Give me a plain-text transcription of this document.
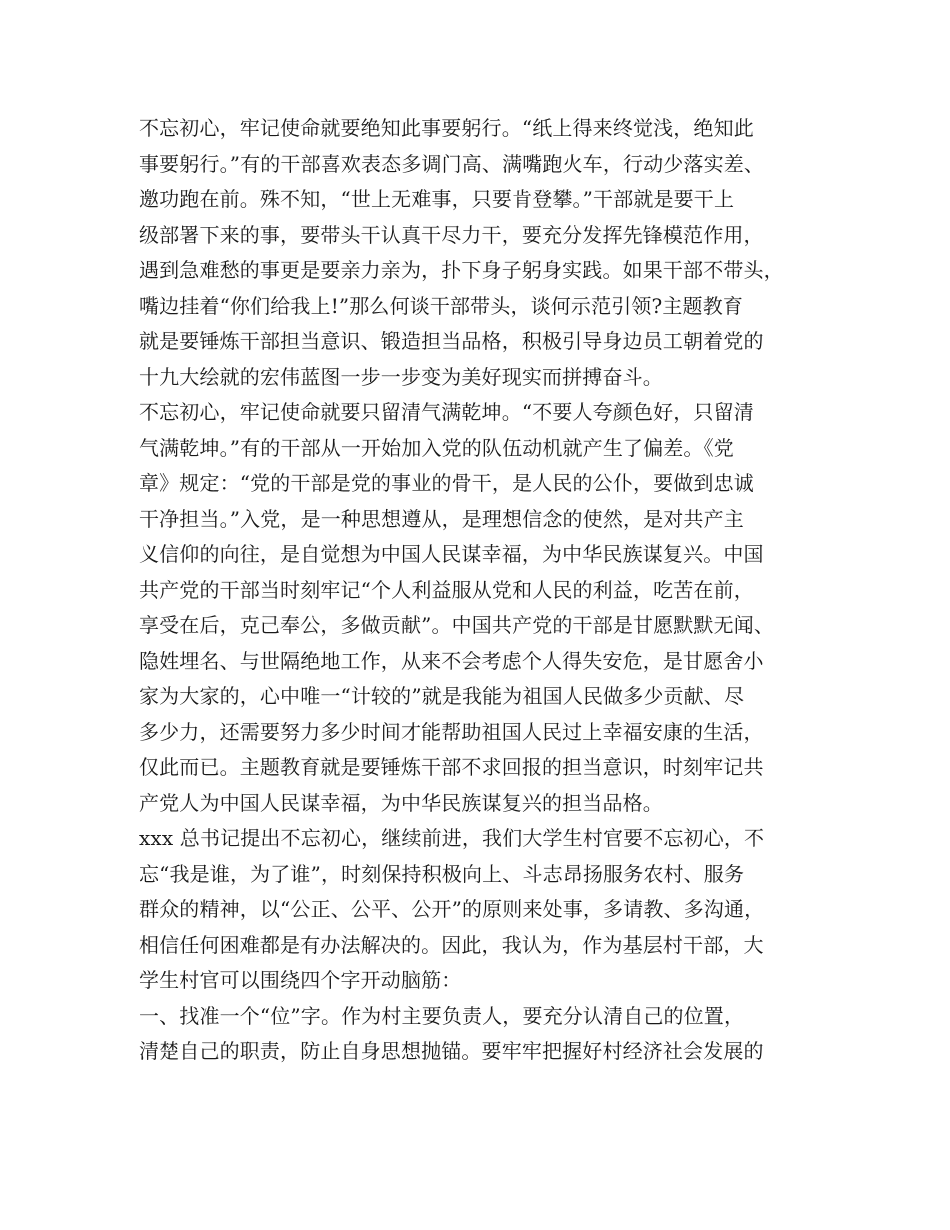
不忘初心，牢记使命就要绝知此事要躬行。“纸上得来终觉浅，绝知此
事要躬行。”有的干部喜欢表态多调门高、满嘴跑火车，行动少落实差、
邀功跑在前。殊不知，“世上无难事，只要肯登攀。”干部就是要干上
级部署下来的事，要带头干认真干尽力干，要充分发挥先锋模范作用，
遇到急难愁的事更是要亲力亲为，扑下身子躬身实践。如果干部不带头，
嘴边挂着“你们给我上!”那么何谈干部带头，谈何示范引领?主题教育
就是要锤炼干部担当意识、锻造担当品格，积极引导身边员工朝着党的
十九大绘就的宏伟蓝图一步一步变为美好现实而拼搏奋斗。

不忘初心，牢记使命就要只留清气满乾坤。“不要人夸颜色好，只留清
气满乾坤。”有的干部从一开始加入党的队伍动机就产生了偏差。《党
章》规定：“党的干部是党的事业的骨干，是人民的公仆，要做到忠诚
干净担当。”入党，是一种思想遵从，是理想信念的使然，是对共产主
义信仰的向往，是自觉想为中国人民谋幸福，为中华民族谋复兴。中国
共产党的干部当时刻牢记“个人利益服从党和人民的利益，吃苦在前，
享受在后，克己奉公，多做贡献”。中国共产党的干部是甘愿默默无闻、
隐姓埋名、与世隔绝地工作，从来不会考虑个人得失安危，是甘愿舍小
家为大家的，心中唯一“计较的”就是我能为祖国人民做多少贡献、尽
多少力，还需要努力多少时间才能帮助祖国人民过上幸福安康的生活，
仅此而已。主题教育就是要锤炼干部不求回报的担当意识，时刻牢记共
产党人为中国人民谋幸福，为中华民族谋复兴的担当品格。

xxx 总书记提出不忘初心，继续前进，我们大学生村官要不忘初心，不
忘“我是谁，为了谁”，时刻保持积极向上、斗志昂扬服务农村、服务
群众的精神，以“公正、公平、公开”的原则来处事，多请教、多沟通，
相信任何困难都是有办法解决的。因此，我认为，作为基层村干部，大
学生村官可以围绕四个字开动脑筋：

一、找准一个“位”字。作为村主要负责人，要充分认清自己的位置，
清楚自己的职责，防止自身思想抛锚。要牢牢把握好村经济社会发展的
